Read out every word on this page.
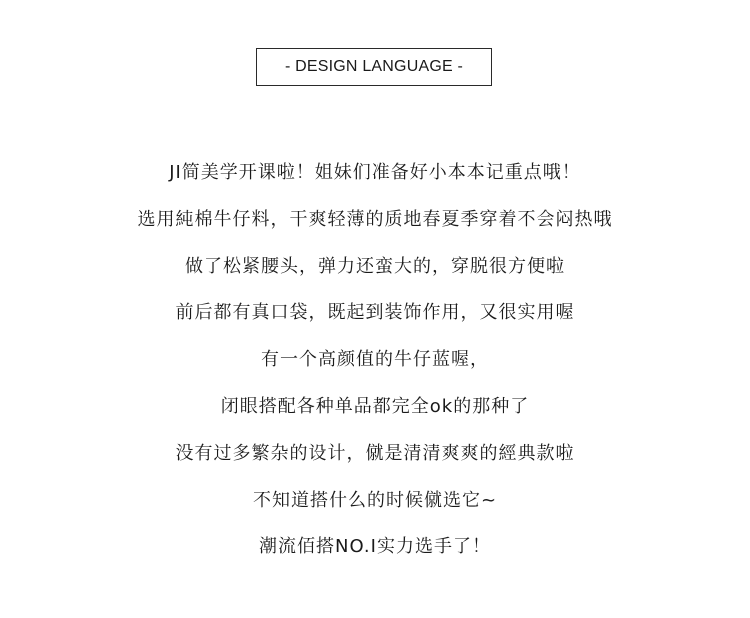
- DESIGN LANGUAGE -
JI简美学开课啦！姐妹们准备好小本本记重点哦！
选用純棉牛仔料，干爽轻薄的质地春夏季穿着不会闷热哦
做了松紧腰头，弹力还蛮大的，穿脱很方便啦
前后都有真口袋，既起到装饰作用，又很实用喔
有一个高颜值的牛仔蓝喔，
闭眼搭配各种单品都完全ok的那种了
没有过多繁杂的设计，僦是清清爽爽的經典款啦
不知道搭什么的时候僦选它~
潮流佰搭NO.I实力选手了！
